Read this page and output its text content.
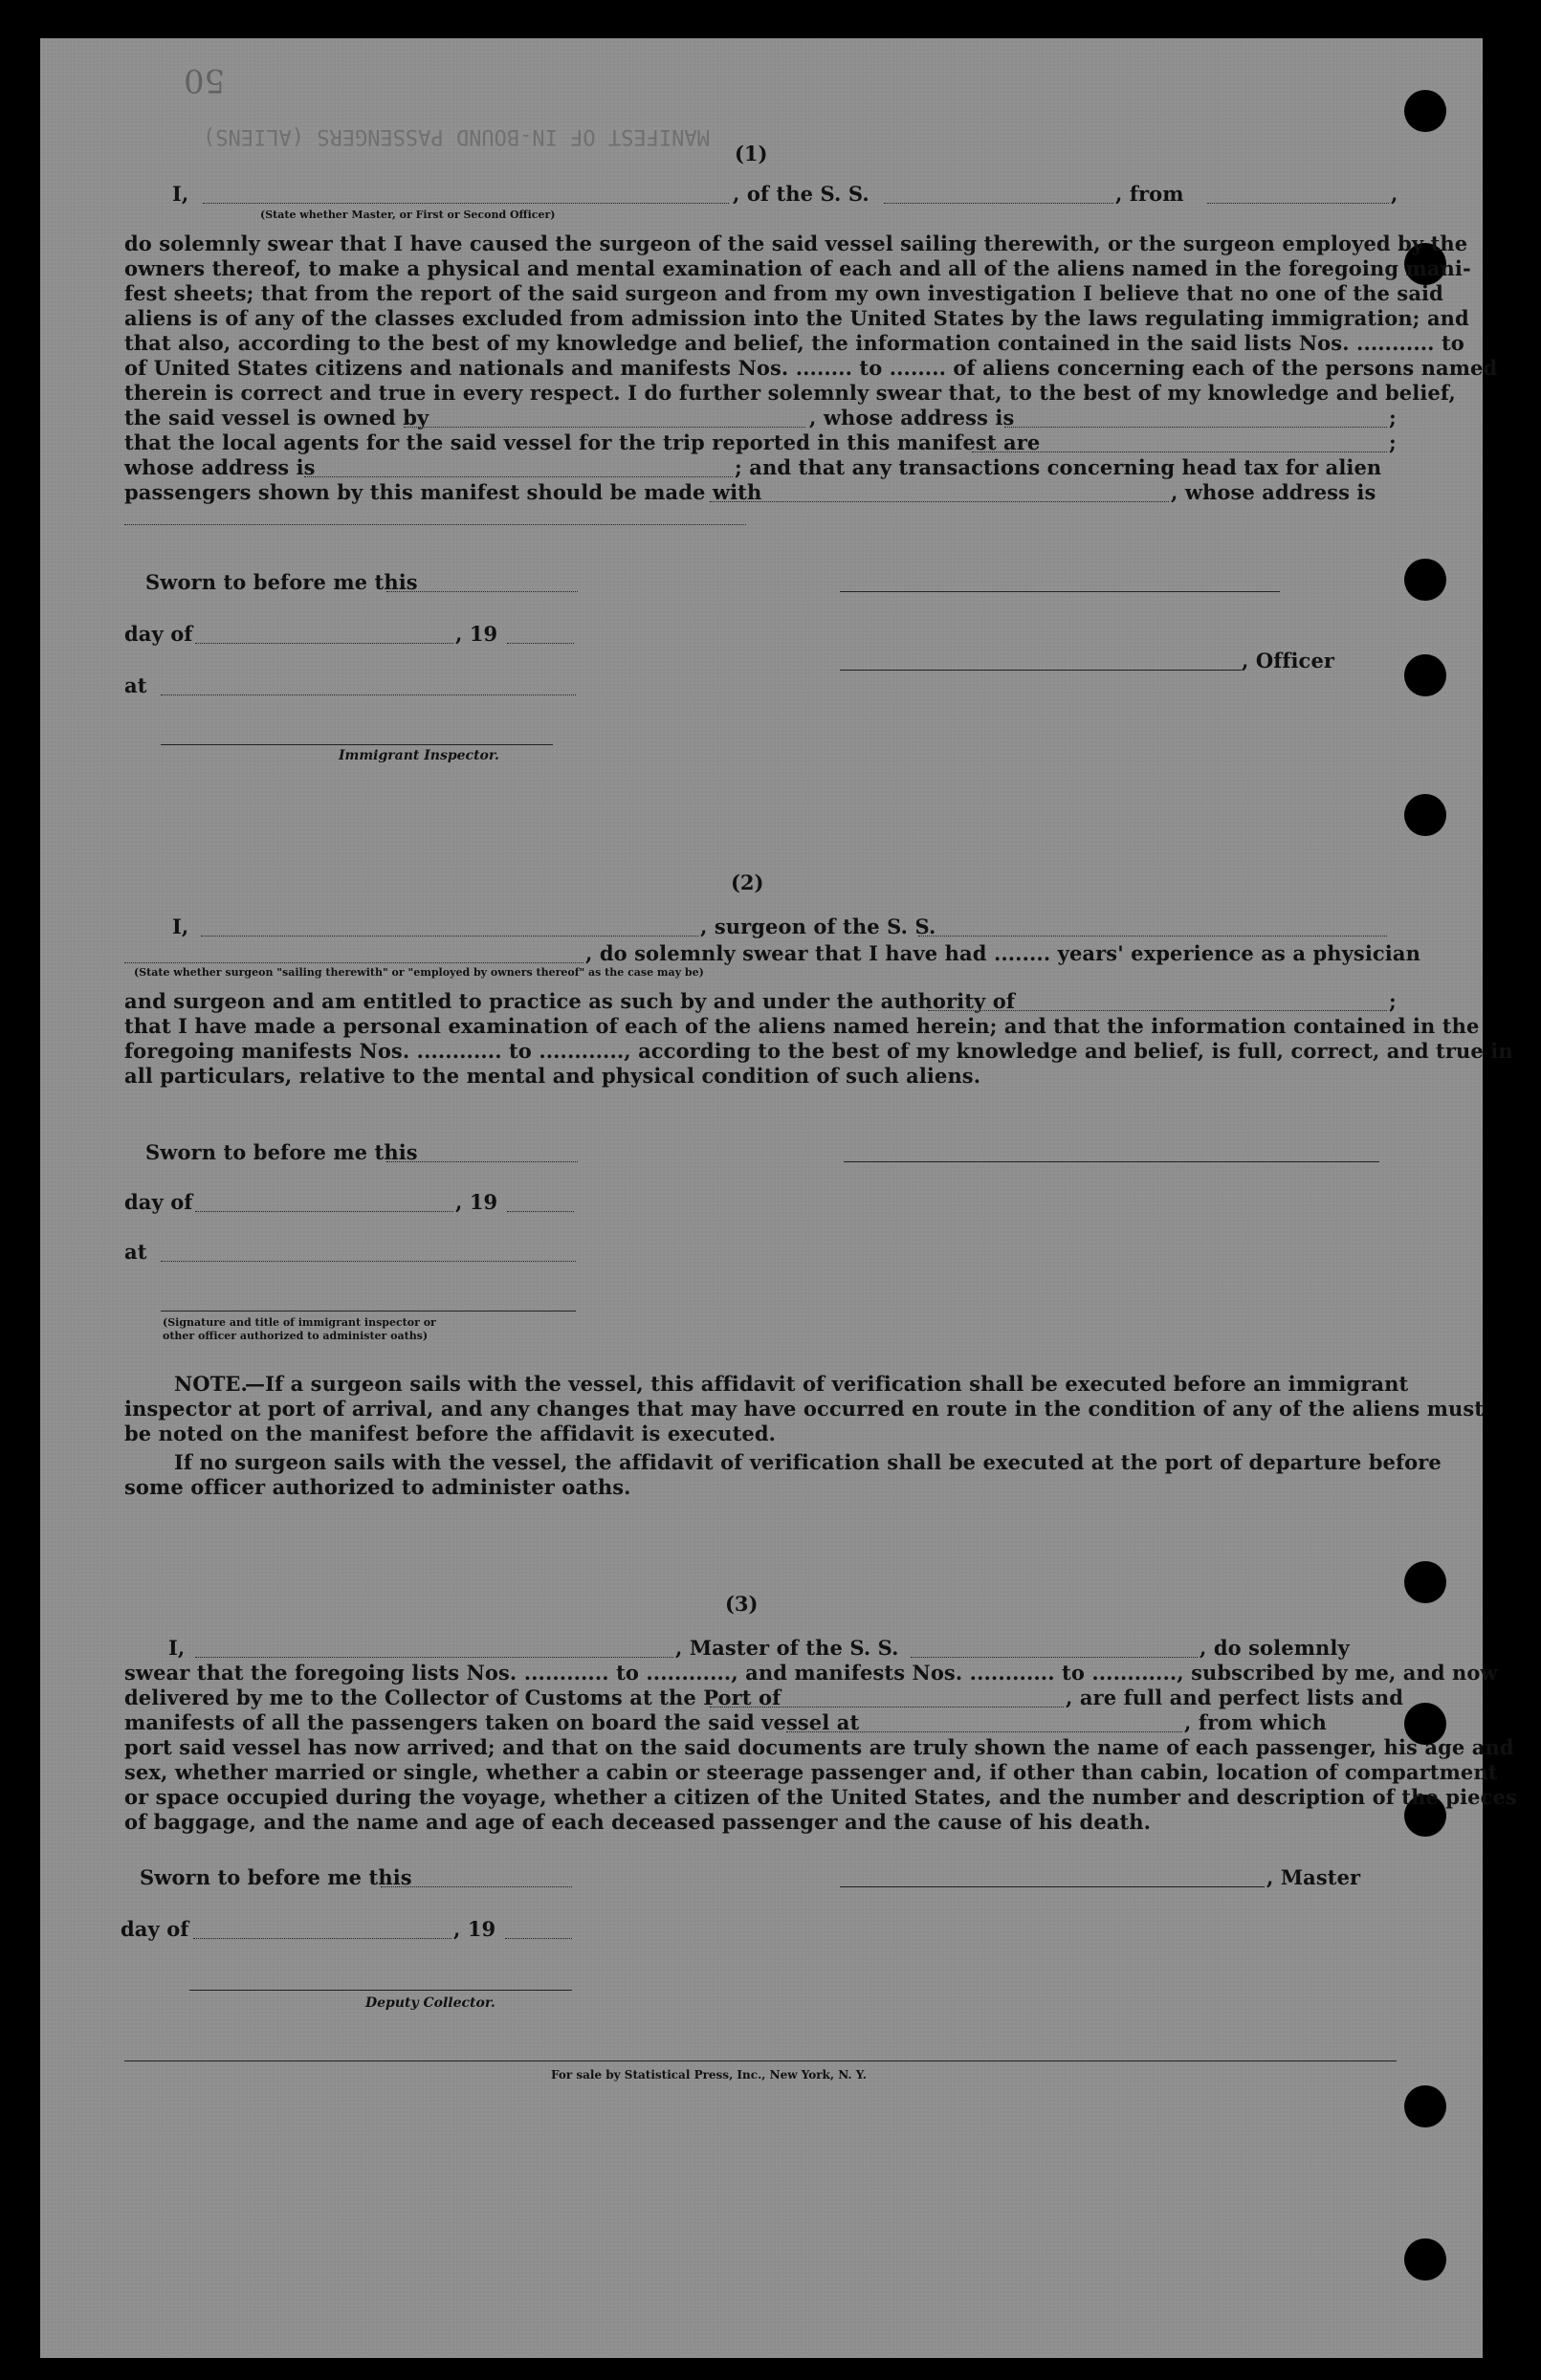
50
MANIFEST OF IN-BOUND PASSENGERS (ALIENS)
(1)
I,	, of the S. S.	, from	,
(State whether Master, or First or Second Officer)
do solemnly swear that I have caused the surgeon of the said vessel sailing therewith, or the surgeon employed by the
owners thereof, to make a physical and mental examination of each and all of the aliens named in the foregoing mani-
fest sheets; that from the report of the said surgeon and from my own investigation I believe that no one of the said
aliens is of any of the classes excluded from admission into the United States by the laws regulating immigration; and
that also, according to the best of my knowledge and belief, the information contained in the said lists Nos. ........... to
of United States citizens and nationals and manifests Nos. ........ to ........ of aliens concerning each of the persons named
therein is correct and true in every respect. I do further solemnly swear that, to the best of my knowledge and belief,
the said vessel is owned by	, whose address is	;
that the local agents for the said vessel for the trip reported in this manifest are	;
whose address is	; and that any transactions concerning head tax for alien
passengers shown by this manifest should be made with	, whose address is
Sworn to before me this
day of	, 19
, Officer
at
Immigrant Inspector.
(2)
I,	, surgeon of the S. S.
, do solemnly swear that I have had ........ years' experience as a physician
(State whether surgeon "sailing therewith" or "employed by owners thereof" as the case may be)
and surgeon and am entitled to practice as such by and under the authority of	;
that I have made a personal examination of each of the aliens named herein; and that the information contained in the
foregoing manifests Nos. ............ to ............, according to the best of my knowledge and belief, is full, correct, and true in
all particulars, relative to the mental and physical condition of such aliens.
Sworn to before me this
day of	, 19
at
(Signature and title of immigrant inspector or
other officer authorized to administer oaths)
NOTE.
—If a surgeon sails with the vessel, this affidavit of verification shall be executed before an immigrant
inspector at port of arrival, and any changes that may have occurred en route in the condition of any of the aliens must
be noted on the manifest before the affidavit is executed.
If no surgeon sails with the vessel, the affidavit of verification shall be executed at the port of departure before
some officer authorized to administer oaths.
(3)
I,	, Master of the S. S.	, do solemnly
swear that the foregoing lists Nos. ............ to ............, and manifests Nos. ............ to ............, subscribed by me, and now
delivered by me to the Collector of Customs at the Port of	, are full and perfect lists and
manifests of all the passengers taken on board the said vessel at	, from which
port said vessel has now arrived; and that on the said documents are truly shown the name of each passenger, his age and
sex, whether married or single, whether a cabin or steerage passenger and, if other than cabin, location of compartment
or space occupied during the voyage, whether a citizen of the United States, and the number and description of the pieces
of baggage, and the name and age of each deceased passenger and the cause of his death.
Sworn to before me this	, Master
day of	, 19
Deputy Collector.
For sale by Statistical Press, Inc., New York, N. Y.
